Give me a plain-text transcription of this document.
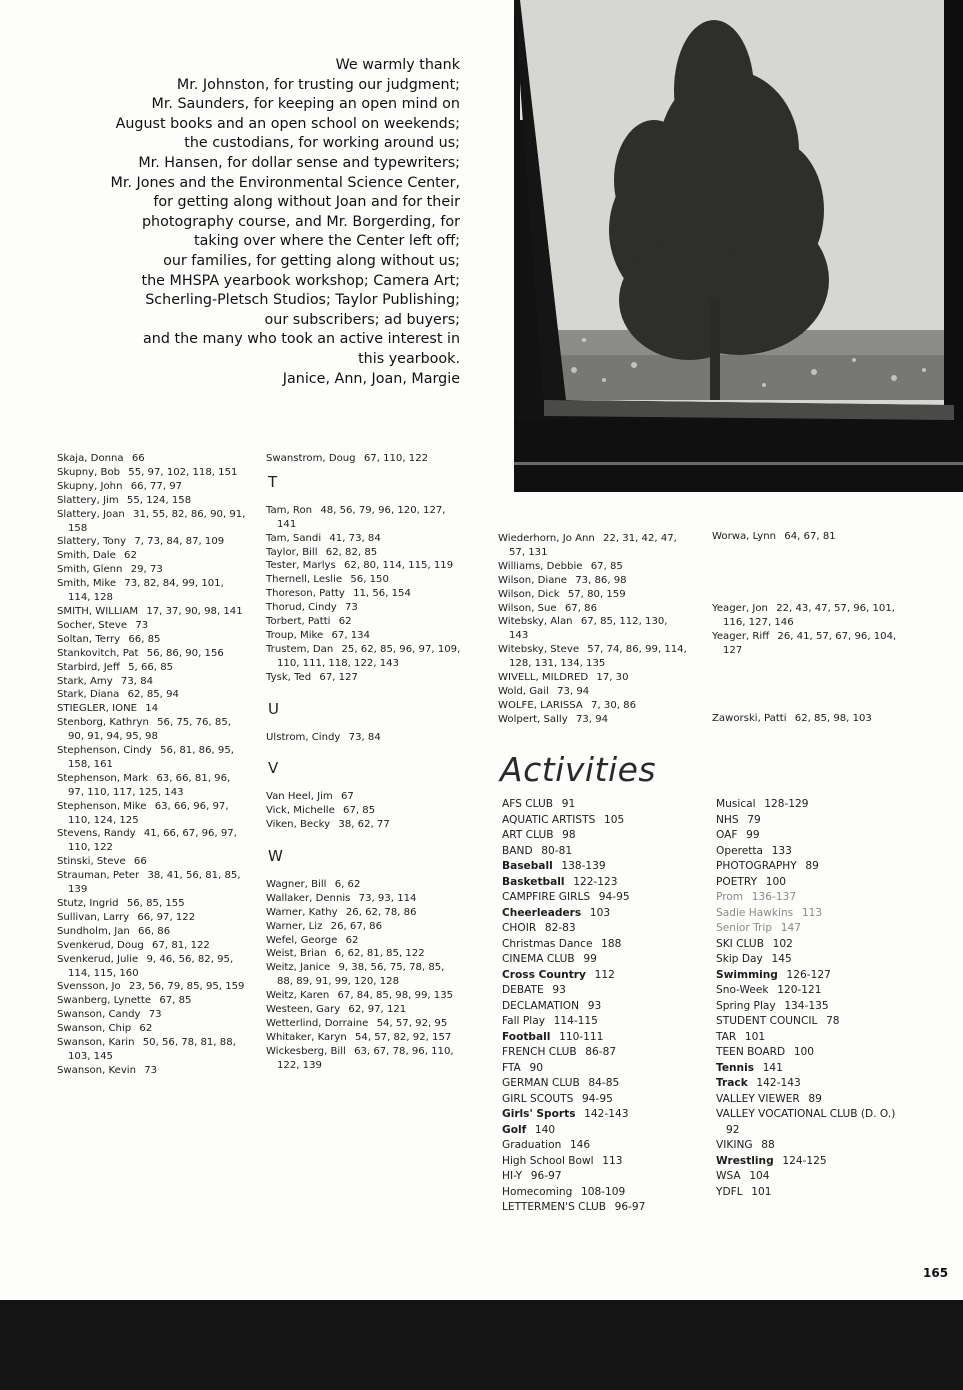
We warmly thank
Mr. Johnston, for trusting our judgment;
Mr. Saunders, for keeping an open mind on
August books and an open school on weekends;
the custodians, for working around us;
Mr. Hansen, for dollar sense and typewriters;
Mr. Jones and the Environmental Science Center,
for getting along without Joan and for their
photography course, and Mr. Borgerding, for
taking over where the Center left off;
our families, for getting along without us;
the MHSPA yearbook workshop; Camera Art;
Scherling-Pletsch Studios; Taylor Publishing;
our subscribers; ad buyers;
and the many who took an active interest in
this yearbook.
Janice, Ann, Joan, Margie
Skaja, Donna  66
Skupny, Bob  55, 97, 102, 118, 151
Skupny, John  66, 77, 97
Slattery, Jim  55, 124, 158
Slattery, Joan  31, 55, 82, 86, 90, 91, 158
Slattery, Tony  7, 73, 84, 87, 109
Smith, Dale  62
Smith, Glenn  29, 73
Smith, Mike  73, 82, 84, 99, 101, 114, 128
SMITH, WILLIAM  17, 37, 90, 98, 141
Socher, Steve  73
Soltan, Terry  66, 85
Stankovitch, Pat  56, 86, 90, 156
Starbird, Jeff  5, 66, 85
Stark, Amy  73, 84
Stark, Diana  62, 85, 94
STIEGLER, IONE  14
Stenborg, Kathryn  56, 75, 76, 85, 90, 91, 94, 95, 98
Stephenson, Cindy  56, 81, 86, 95, 158, 161
Stephenson, Mark  63, 66, 81, 96, 97, 110, 117, 125, 143
Stephenson, Mike  63, 66, 96, 97, 110, 124, 125
Stevens, Randy  41, 66, 67, 96, 97, 110, 122
Stinski, Steve  66
Strauman, Peter  38, 41, 56, 81, 85, 139
Stutz, Ingrid  56, 85, 155
Sullivan, Larry  66, 97, 122
Sundholm, Jan  66, 86
Svenkerud, Doug  67, 81, 122
Svenkerud, Julie  9, 46, 56, 82, 95, 114, 115, 160
Svensson, Jo  23, 56, 79, 85, 95, 159
Swanberg, Lynette  67, 85
Swanson, Candy  73
Swanson, Chip  62
Swanson, Karin  50, 56, 78, 81, 88, 103, 145
Swanson, Kevin  73
Swanstrom, Doug  67, 110, 122
T
Tam, Ron  48, 56, 79, 96, 120, 127, 141
Tam, Sandi  41, 73, 84
Taylor, Bill  62, 82, 85
Tester, Marlys  62, 80, 114, 115, 119
Thernell, Leslie  56, 150
Thoreson, Patty  11, 56, 154
Thorud, Cindy  73
Torbert, Patti  62
Troup, Mike  67, 134
Trustem, Dan  25, 62, 85, 96, 97, 109, 110, 111, 118, 122, 143
Tysk, Ted  67, 127
U
Ulstrom, Cindy  73, 84
V
Van Heel, Jim  67
Vick, Michelle  67, 85
Viken, Becky  38, 62, 77
W
Wagner, Bill  6, 62
Wallaker, Dennis  73, 93, 114
Warner, Kathy  26, 62, 78, 86
Warner, Liz  26, 67, 86
Wefel, George  62
Weist, Brian  6, 62, 81, 85, 122
Weitz, Janice  9, 38, 56, 75, 78, 85, 88, 89, 91, 99, 120, 128
Weitz, Karen  67, 84, 85, 98, 99, 135
Westeen, Gary  62, 97, 121
Wetterlind, Dorraine  54, 57, 92, 95
Whitaker, Karyn  54, 57, 82, 92, 157
Wickesberg, Bill  63, 67, 78, 96, 110, 122, 139
Wiederhorn, Jo Ann  22, 31, 42, 47, 57, 131
Williams, Debbie  67, 85
Wilson, Diane  73, 86, 98
Wilson, Dick  57, 80, 159
Wilson, Sue  67, 86
Witebsky, Alan  67, 85, 112, 130, 143
Witebsky, Steve  57, 74, 86, 99, 114, 128, 131, 134, 135
WIVELL, MILDRED  17, 30
Wold, Gail  73, 94
WOLFE, LARISSA  7, 30, 86
Wolpert, Sally  73, 94
Worwa, Lynn  64, 67, 81
Yeager, Jon  22, 43, 47, 57, 96, 101, 116, 127, 146
Yeager, Riff  26, 41, 57, 67, 96, 104, 127
Zaworski, Patti  62, 85, 98, 103
Activities
AFS CLUB  91
AQUATIC ARTISTS  105
ART CLUB  98
BAND  80-81
Baseball  138-139
Basketball  122-123
CAMPFIRE GIRLS  94-95
Cheerleaders  103
CHOIR  82-83
Christmas Dance  188
CINEMA CLUB  99
Cross Country  112
DEBATE  93
DECLAMATION  93
Fall Play  114-115
Football  110-111
FRENCH CLUB  86-87
FTA  90
GERMAN CLUB  84-85
GIRL SCOUTS  94-95
Girls' Sports  142-143
Golf  140
Graduation  146
High School Bowl  113
HI-Y  96-97
Homecoming  108-109
LETTERMEN'S CLUB  96-97
Musical  128-129
NHS  79
OAF  99
Operetta  133
PHOTOGRAPHY  89
POETRY  100
Prom  136-137
Sadie Hawkins  113
Senior Trip  147
SKI CLUB  102
Skip Day  145
Swimming  126-127
Sno-Week  120-121
Spring Play  134-135
STUDENT COUNCIL  78
TAR  101
TEEN BOARD  100
Tennis  141
Track  142-143
VALLEY VIEWER  89
VALLEY VOCATIONAL CLUB (D. O.)  92
VIKING  88
Wrestling  124-125
WSA  104
YDFL  101
165
